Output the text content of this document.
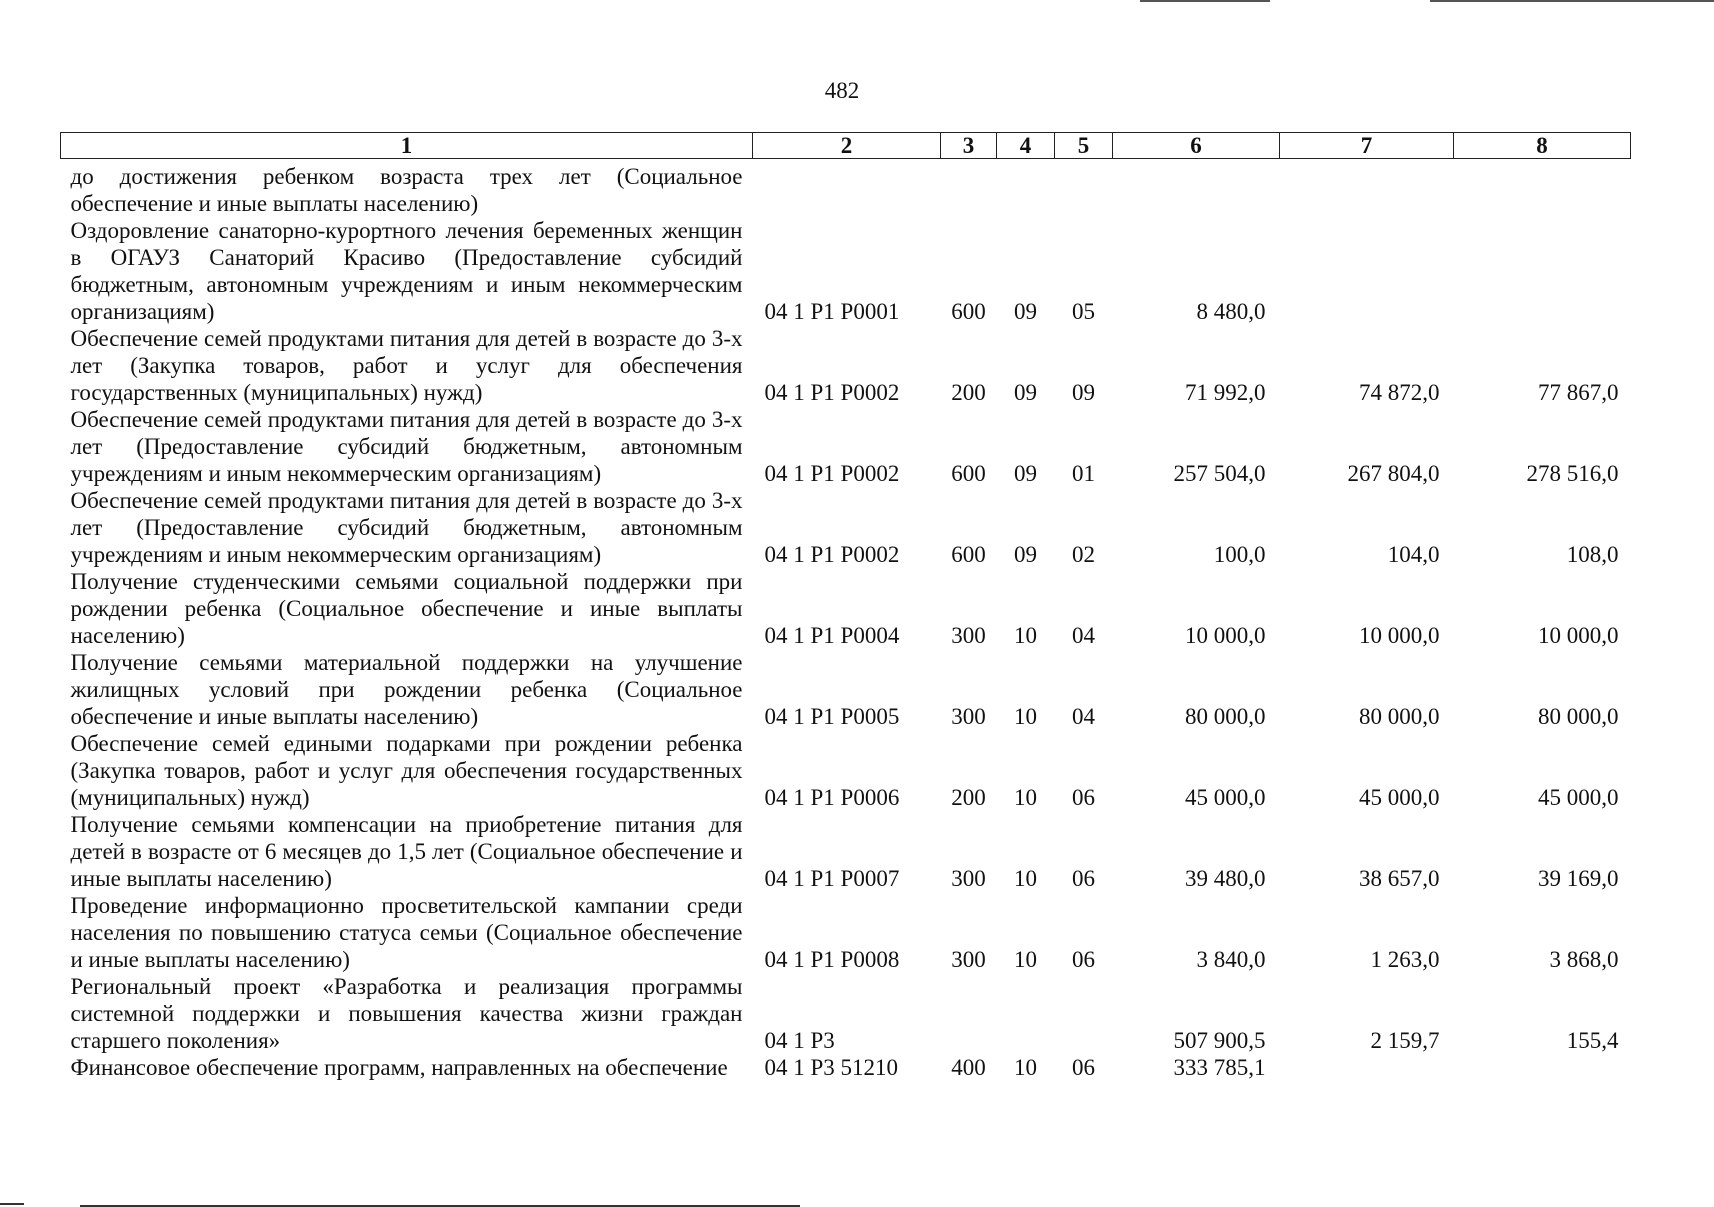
482
1	2	3	4	5	6	7	8
до достижения ребенком возраста трех лет (Социальное обеспечение и иные выплаты населению)							
Оздоровление санаторно-курортного лечения беременных женщин в ОГАУЗ Санаторий Красиво (Предоставление субсидий бюджетным, автономным учреждениям и иным некоммерческим организациям)	04 1 P1 P0001	600	09	05	8 480,0		
Обеспечение семей продуктами питания для детей в возрасте до 3-х лет (Закупка товаров, работ и услуг для обеспечения государственных (муниципальных) нужд)	04 1 P1 P0002	200	09	09	71 992,0	74 872,0	77 867,0
Обеспечение семей продуктами питания для детей в возрасте до 3-х лет (Предоставление субсидий бюджетным, автономным учреждениям и иным некоммерческим организациям)	04 1 P1 P0002	600	09	01	257 504,0	267 804,0	278 516,0
Обеспечение семей продуктами питания для детей в возрасте до 3-х лет (Предоставление субсидий бюджетным, автономным учреждениям и иным некоммерческим организациям)	04 1 P1 P0002	600	09	02	100,0	104,0	108,0
Получение студенческими семьями социальной поддержки при рождении ребенка (Социальное обеспечение и иные выплаты населению)	04 1 P1 P0004	300	10	04	10 000,0	10 000,0	10 000,0
Получение семьями материальной поддержки на улучшение жилищных условий при рождении ребенка (Социальное обеспечение и иные выплаты населению)	04 1 P1 P0005	300	10	04	80 000,0	80 000,0	80 000,0
Обеспечение семей едиными подарками при рождении ребенка (Закупка товаров, работ и услуг для обеспечения государственных (муниципальных) нужд)	04 1 P1 P0006	200	10	06	45 000,0	45 000,0	45 000,0
Получение семьями компенсации на приобретение питания для детей в возрасте от 6 месяцев до 1,5 лет (Социальное обеспечение и иные выплаты населению)	04 1 P1 P0007	300	10	06	39 480,0	38 657,0	39 169,0
Проведение информационно просветительской кампании среди населения по повышению статуса семьи (Социальное обеспечение и иные выплаты населению)	04 1 P1 P0008	300	10	06	3 840,0	1 263,0	3 868,0
Региональный проект «Разработка и реализация программы системной поддержки и повышения качества жизни граждан старшего поколения»	04 1 P3				507 900,5	2 159,7	155,4
Финансовое обеспечение программ, направленных на обеспечение	04 1 P3 51210	400	10	06	333 785,1		
